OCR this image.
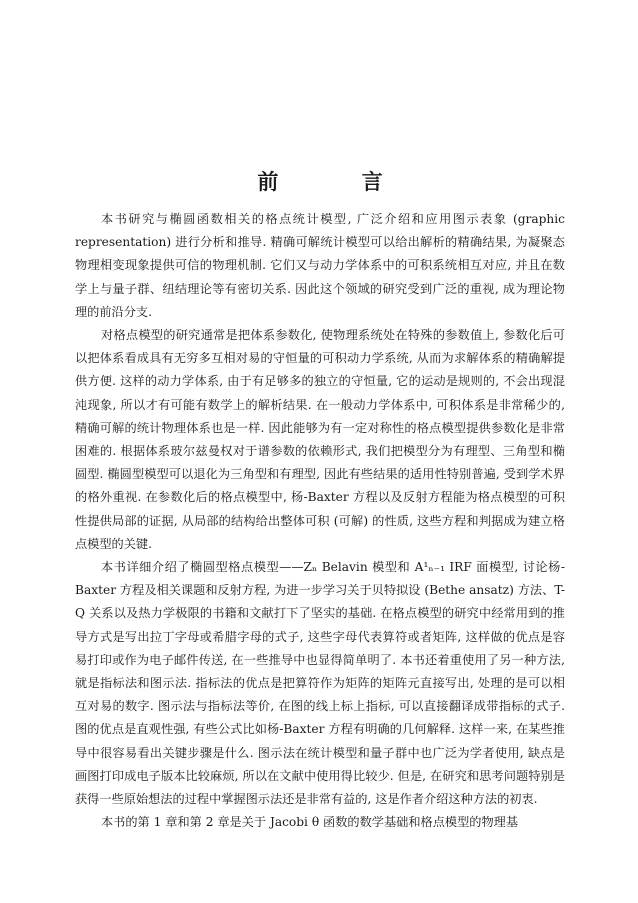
前 言

本书研究与椭圆函数相关的格点统计模型, 广泛介绍和应用图示表象 (graphic representation) 进行分析和推导. 精确可解统计模型可以给出解析的精确结果, 为凝聚态物理相变现象提供可信的物理机制. 它们又与动力学体系中的可积系统相互对应, 并且在数学上与量子群、纽结理论等有密切关系. 因此这个领域的研究受到广泛的重视, 成为理论物理的前沿分支.

对格点模型的研究通常是把体系参数化, 使物理系统处在特殊的参数值上, 参数化后可以把体系看成具有无穷多互相对易的守恒量的可积动力学系统, 从而为求解体系的精确解提供方便. 这样的动力学体系, 由于有足够多的独立的守恒量, 它的运动是规则的, 不会出现混沌现象, 所以才有可能有数学上的解析结果. 在一般动力学体系中, 可积体系是非常稀少的, 精确可解的统计物理体系也是一样. 因此能够为有一定对称性的格点模型提供参数化是非常困难的. 根据体系玻尔兹曼权对于谱参数的依赖形式, 我们把模型分为有理型、三角型和椭圆型. 椭圆型模型可以退化为三角型和有理型, 因此有些结果的适用性特别普遍, 受到学术界的格外重视. 在参数化后的格点模型中, 杨-Baxter 方程以及反射方程能为格点模型的可积性提供局部的证据, 从局部的结构给出整体可积 (可解) 的性质, 这些方程和判据成为建立格点模型的关键.

本书详细介绍了椭圆型格点模型——Zₙ Belavin 模型和 A¹ₙ₋₁ IRF 面模型, 讨论杨-Baxter 方程及相关课题和反射方程, 为进一步学习关于贝特拟设 (Bethe ansatz) 方法、T-Q 关系以及热力学极限的书籍和文献打下了坚实的基础. 在格点模型的研究中经常用到的推导方式是写出拉丁字母或希腊字母的式子, 这些字母代表算符或者矩阵, 这样做的优点是容易打印或作为电子邮件传送, 在一些推导中也显得简单明了. 本书还着重使用了另一种方法, 就是指标法和图示法. 指标法的优点是把算符作为矩阵的矩阵元直接写出, 处理的是可以相互对易的数字. 图示法与指标法等价, 在图的线上标上指标, 可以直接翻译成带指标的式子. 图的优点是直观性强, 有些公式比如杨-Baxter 方程有明确的几何解释. 这样一来, 在某些推导中很容易看出关键步骤是什么. 图示法在统计模型和量子群中也广泛为学者使用, 缺点是画图打印成电子版本比较麻烦, 所以在文献中使用得比较少. 但是, 在研究和思考问题特别是获得一些原始想法的过程中掌握图示法还是非常有益的, 这是作者介绍这种方法的初衷.

本书的第 1 章和第 2 章是关于 Jacobi θ 函数的数学基础和格点模型的物理基
